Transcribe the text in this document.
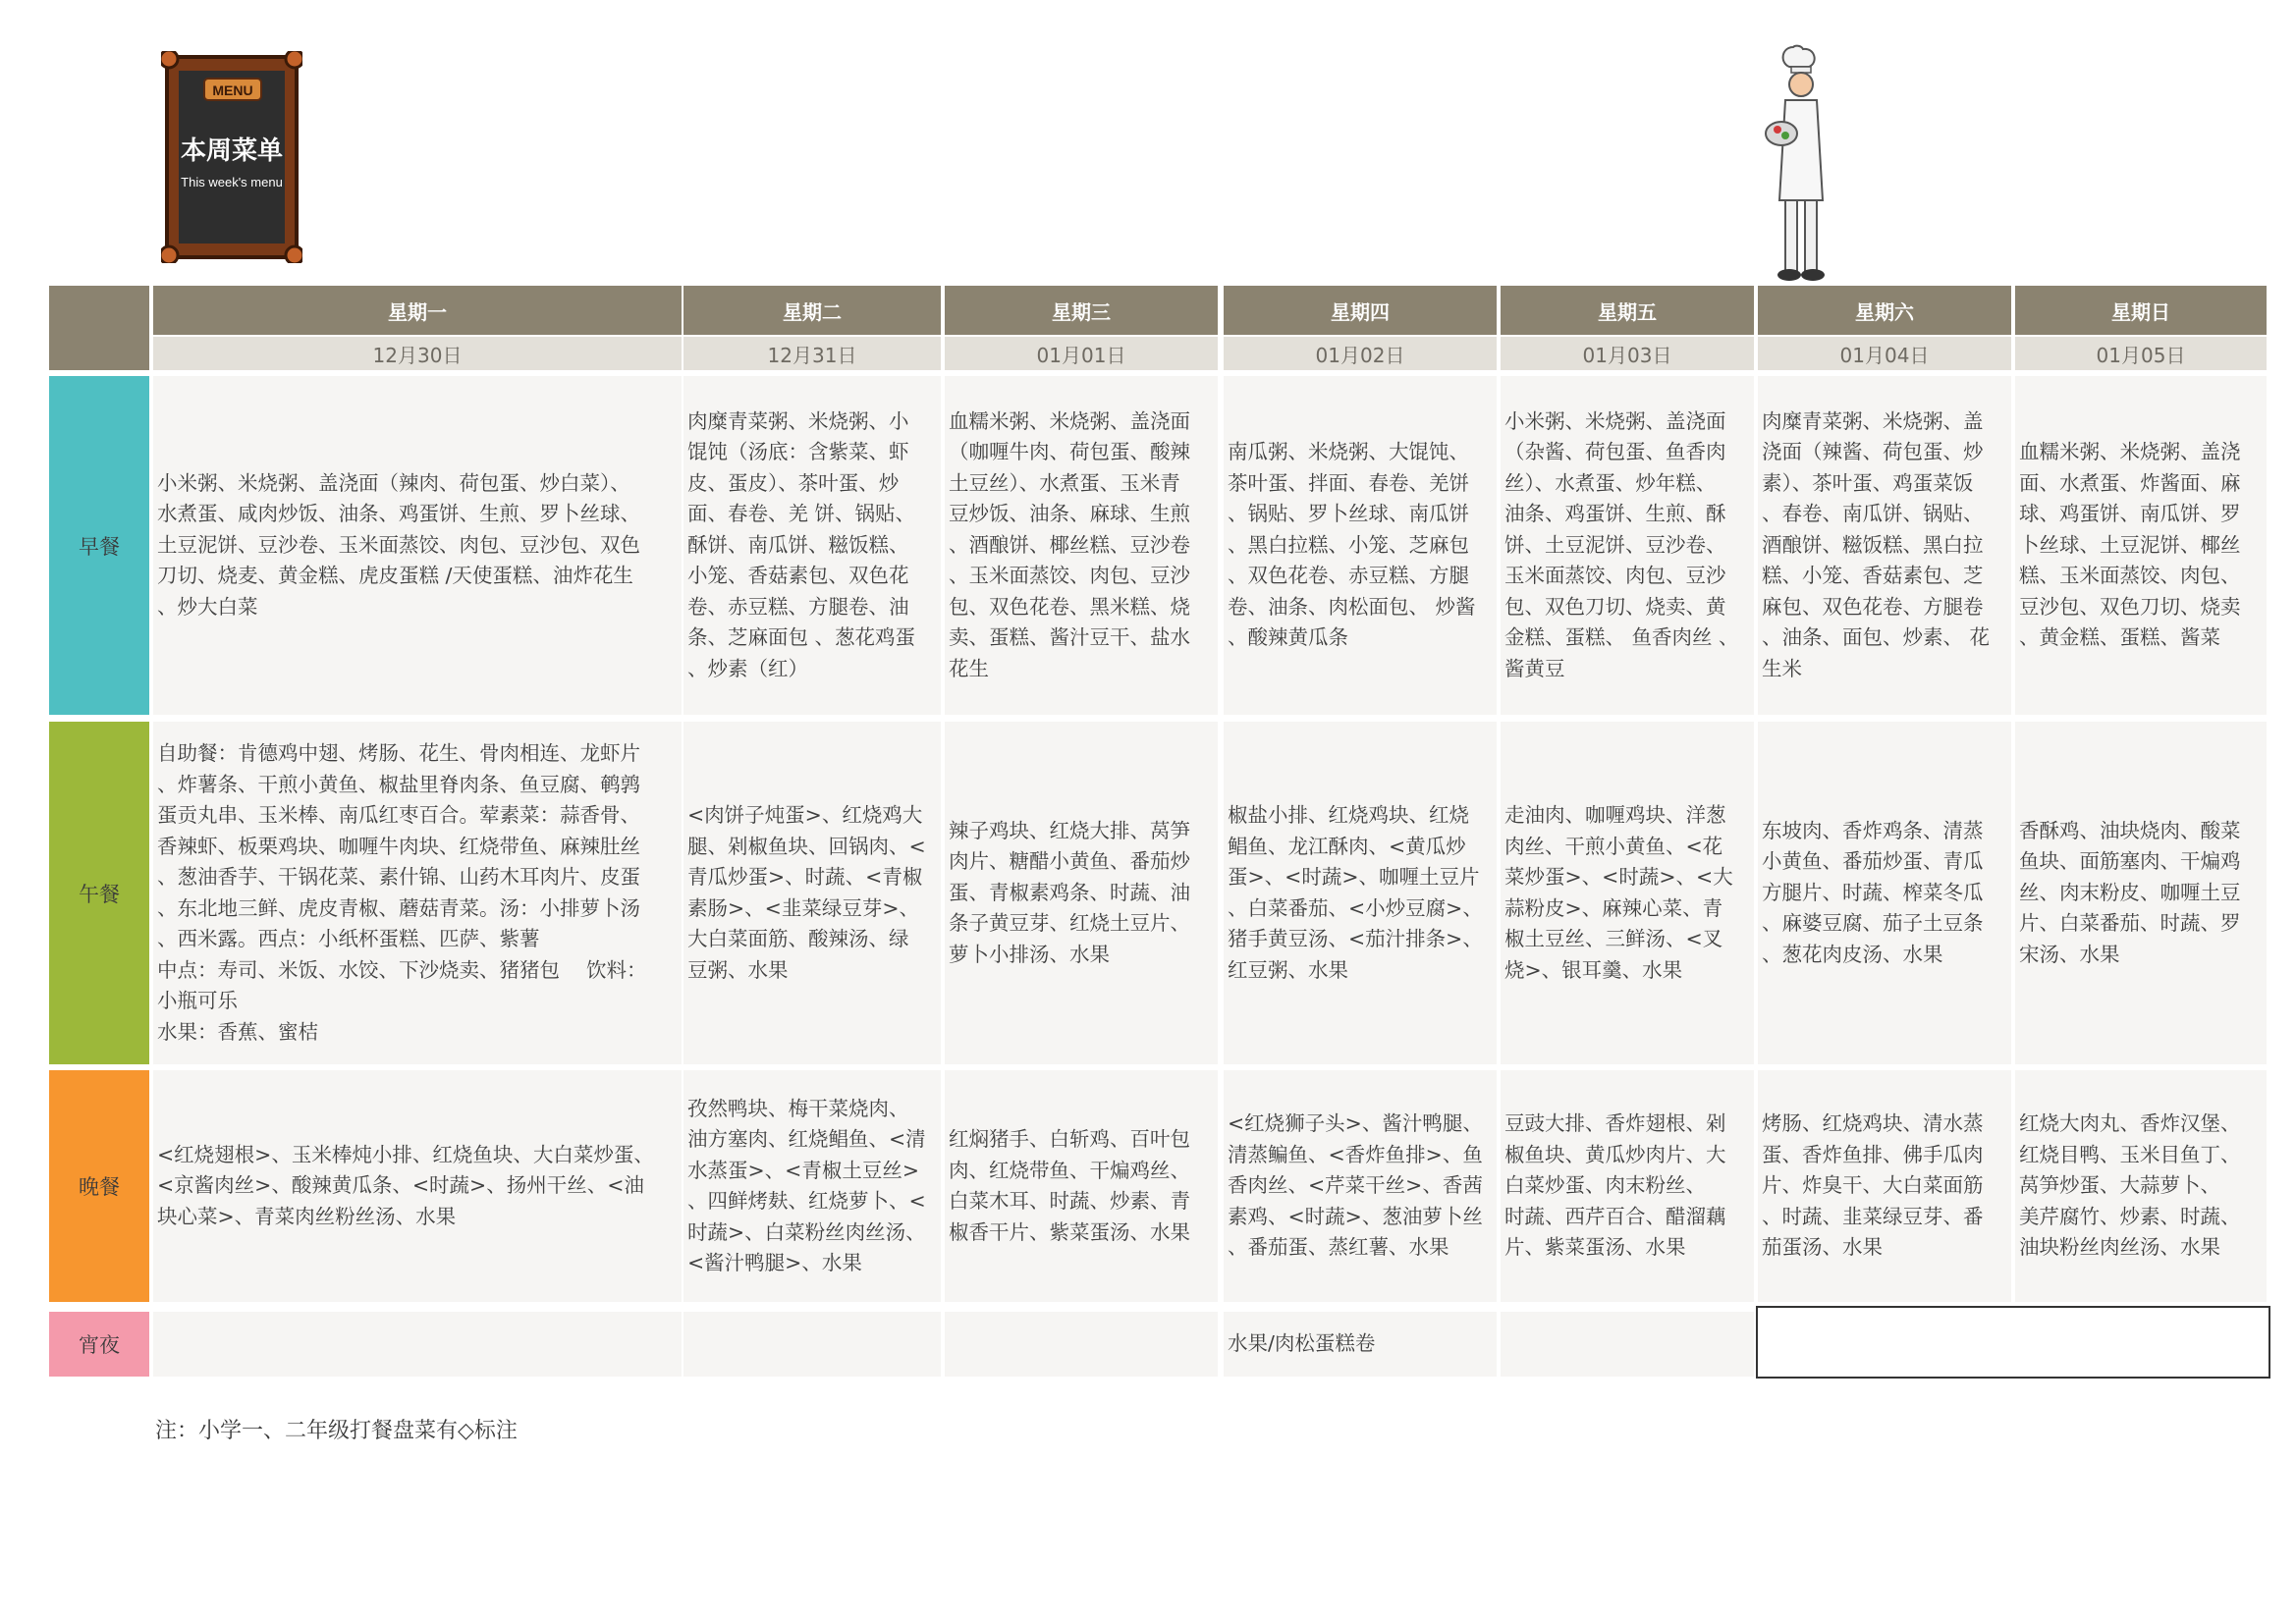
MENU
本周菜单
This week's menu
星期一
12月30日
星期二
12月31日
星期三
01月01日
星期四
01月02日
星期五
01月03日
星期六
01月04日
星期日
01月05日
早餐
午餐
晚餐
宵夜
小米粥、米烧粥、盖浇面（辣肉、荷包蛋、炒白菜）、
水煮蛋、咸肉炒饭、油条、鸡蛋饼、生煎、罗卜丝球、
土豆泥饼、豆沙卷、玉米面蒸饺、肉包、豆沙包、双色
刀切、烧麦、黄金糕、虎皮蛋糕 /天使蛋糕、油炸花生
、炒大白菜
肉糜青菜粥、米烧粥、小
馄饨（汤底：含紫菜、虾
皮、蛋皮）、茶叶蛋、炒
面、春卷、羌 饼、锅贴、
酥饼、南瓜饼、糍饭糕、
小笼、香菇素包、双色花
卷、赤豆糕、方腿卷、油
条、芝麻面包 、葱花鸡蛋
、炒素（红）
血糯米粥、米烧粥、盖浇面
（咖喱牛肉、荷包蛋、酸辣
土豆丝）、水煮蛋、玉米青
豆炒饭、油条、麻球、生煎
、酒酿饼、椰丝糕、豆沙卷
、玉米面蒸饺、肉包、豆沙
包、双色花卷、黑米糕、烧
卖、蛋糕、酱汁豆干、盐水
花生
南瓜粥、米烧粥、大馄饨、
茶叶蛋、拌面、春卷、羌饼
、锅贴、罗卜丝球、南瓜饼
、黑白拉糕、小笼、芝麻包
、双色花卷、赤豆糕、方腿
卷、油条、肉松面包、 炒酱
、酸辣黄瓜条
小米粥、米烧粥、盖浇面
（杂酱、荷包蛋、鱼香肉
丝）、水煮蛋、炒年糕、
油条、鸡蛋饼、生煎、酥
饼、土豆泥饼、豆沙卷、
玉米面蒸饺、肉包、豆沙
包、双色刀切、烧卖、黄
金糕、蛋糕、 鱼香肉丝 、
酱黄豆
肉糜青菜粥、米烧粥、盖
浇面（辣酱、荷包蛋、炒
素）、茶叶蛋、鸡蛋菜饭
、春卷、南瓜饼、锅贴、
酒酿饼、糍饭糕、黑白拉
糕、小笼、香菇素包、芝
麻包、双色花卷、方腿卷
、油条、面包、炒素、 花
生米
血糯米粥、米烧粥、盖浇
面、水煮蛋、炸酱面、麻
球、鸡蛋饼、南瓜饼、罗
卜丝球、土豆泥饼、椰丝
糕、玉米面蒸饺、肉包、
豆沙包、双色刀切、烧卖
、黄金糕、蛋糕、酱菜
自助餐：肯德鸡中翅、烤肠、花生、骨肉相连、龙虾片
、炸薯条、干煎小黄鱼、椒盐里脊肉条、鱼豆腐、鹌鹑
蛋贡丸串、玉米棒、南瓜红枣百合。荤素菜：蒜香骨、
香辣虾、板栗鸡块、咖喱牛肉块、红烧带鱼、麻辣肚丝
、葱油香芋、干锅花菜、素什锦、山药木耳肉片、皮蛋
、东北地三鲜、虎皮青椒、蘑菇青菜。汤：小排萝卜汤
、西米露。西点：小纸杯蛋糕、匹萨、紫薯
中点：寿司、米饭、水饺、下沙烧卖、猪猪包　 饮料：
小瓶可乐
水果：香蕉、蜜桔
<肉饼子炖蛋>、红烧鸡大
腿、剁椒鱼块、回锅肉、<
青瓜炒蛋>、时蔬、<青椒
素肠>、<韭菜绿豆芽>、
大白菜面筋、酸辣汤、绿
豆粥、水果
辣子鸡块、红烧大排、莴笋
肉片、糖醋小黄鱼、番茄炒
蛋、青椒素鸡条、时蔬、油
条子黄豆芽、红烧土豆片、
萝卜小排汤、水果
椒盐小排、红烧鸡块、红烧
鲳鱼、龙江酥肉、<黄瓜炒
蛋>、<时蔬>、咖喱土豆片
、白菜番茄、<小炒豆腐>、
猪手黄豆汤、<茄汁排条>、
红豆粥、水果
走油肉、咖喱鸡块、洋葱
肉丝、干煎小黄鱼、<花
菜炒蛋>、<时蔬>、<大
蒜粉皮>、麻辣心菜、青
椒土豆丝、三鲜汤、<叉
烧>、银耳羹、水果
东坡肉、香炸鸡条、清蒸
小黄鱼、番茄炒蛋、青瓜
方腿片、时蔬、榨菜冬瓜
、麻婆豆腐、茄子土豆条
、葱花肉皮汤、水果
香酥鸡、油块烧肉、酸菜
鱼块、面筋塞肉、干煸鸡
丝、肉末粉皮、咖喱土豆
片、白菜番茄、时蔬、罗
宋汤、水果
<红烧翅根>、玉米棒炖小排、红烧鱼块、大白菜炒蛋、
<京酱肉丝>、酸辣黄瓜条、<时蔬>、扬州干丝、<油
块心菜>、青菜肉丝粉丝汤、水果
孜然鸭块、梅干菜烧肉、
油方塞肉、红烧鲳鱼、<清
水蒸蛋>、<青椒土豆丝>
、四鲜烤麸、红烧萝卜、<
时蔬>、白菜粉丝肉丝汤、
<酱汁鸭腿>、水果
红焖猪手、白斩鸡、百叶包
肉、红烧带鱼、干煸鸡丝、
白菜木耳、时蔬、炒素、青
椒香干片、紫菜蛋汤、水果
<红烧狮子头>、酱汁鸭腿、
清蒸鳊鱼、<香炸鱼排>、鱼
香肉丝、<芹菜干丝>、香茜
素鸡、<时蔬>、葱油萝卜丝
、番茄蛋、蒸红薯、水果
豆豉大排、香炸翅根、剁
椒鱼块、黄瓜炒肉片、大
白菜炒蛋、肉末粉丝、
时蔬、西芹百合、醋溜藕
片、紫菜蛋汤、水果
烤肠、红烧鸡块、清水蒸
蛋、香炸鱼排、佛手瓜肉
片、炸臭干、大白菜面筋
、时蔬、韭菜绿豆芽、番
茄蛋汤、水果
红烧大肉丸、香炸汉堡、
红烧目鸭、玉米目鱼丁、
莴笋炒蛋、大蒜萝卜、
美芹腐竹、炒素、时蔬、
油块粉丝肉丝汤、水果
水果/肉松蛋糕卷
注：小学一、二年级打餐盘菜有◇标注
